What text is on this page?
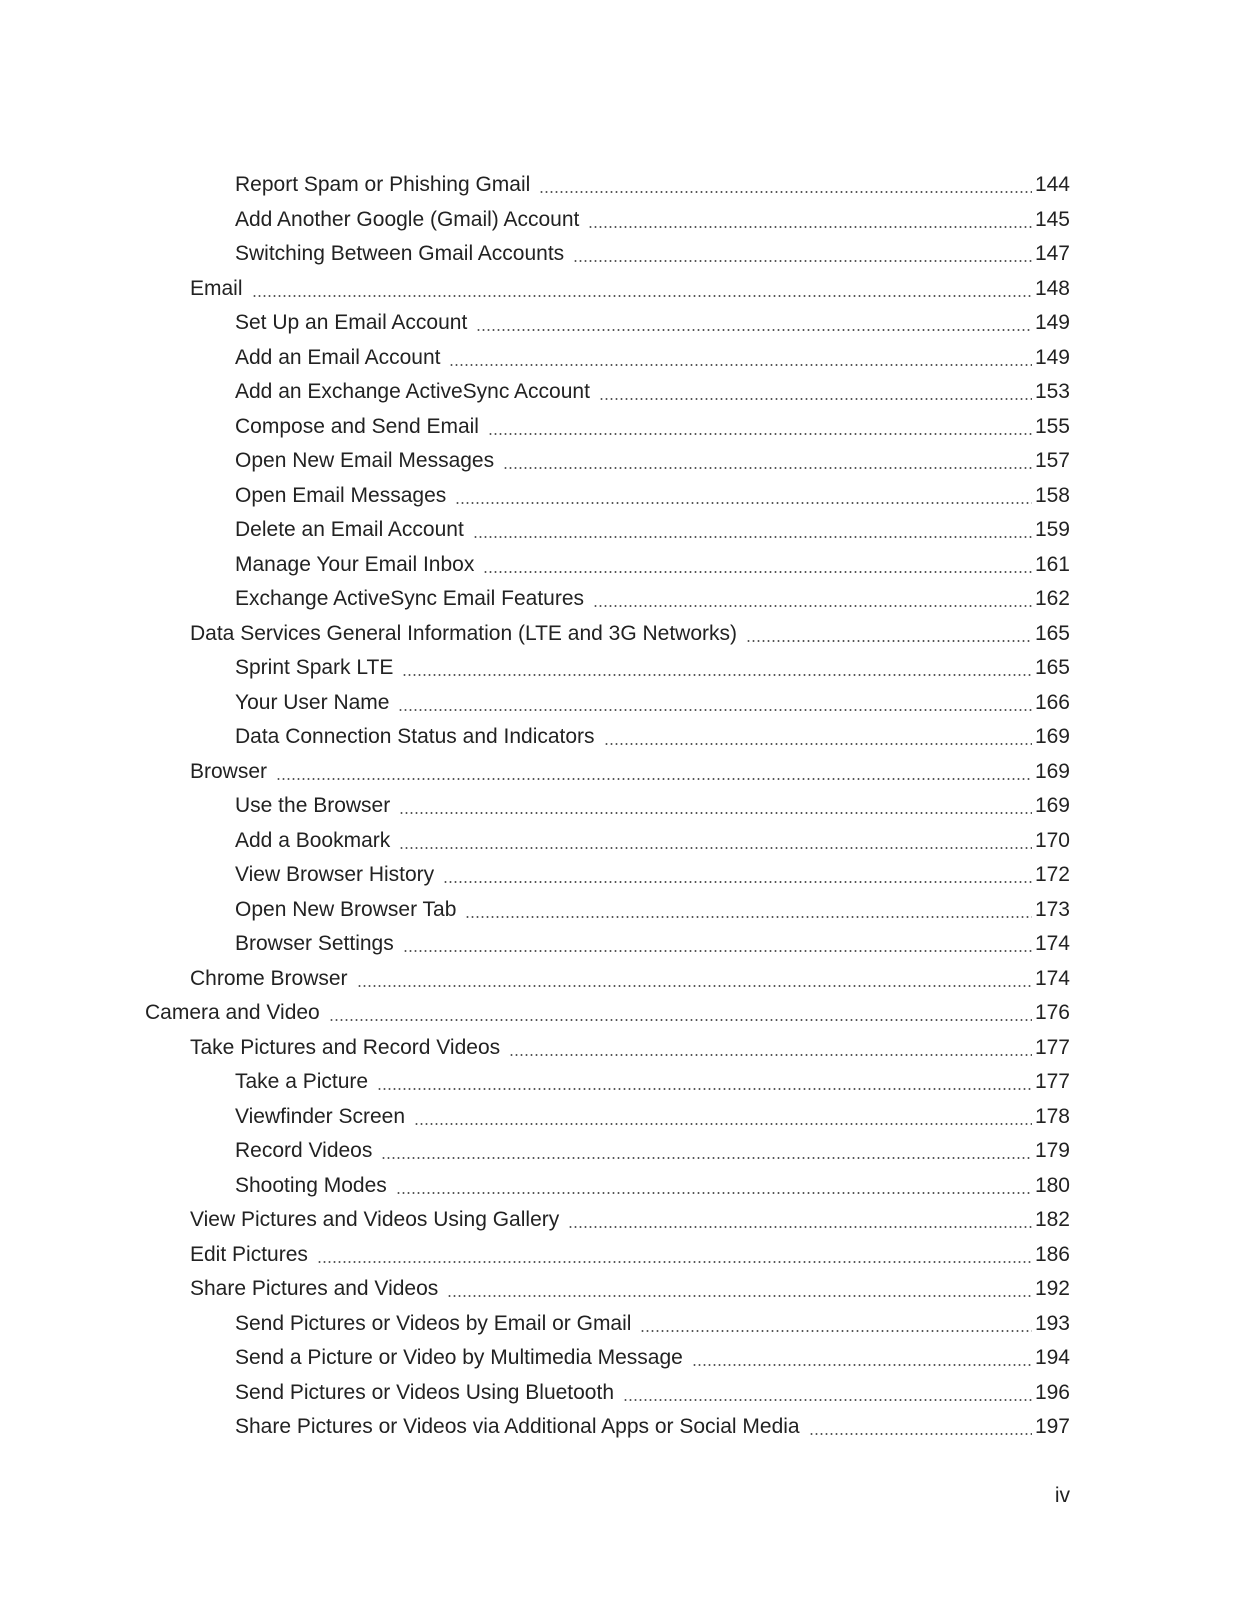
Report Spam or Phishing Gmail	144
Add Another Google (Gmail) Account	145
Switching Between Gmail Accounts	147
Email	148
Set Up an Email Account	149
Add an Email Account	149
Add an Exchange ActiveSync Account	153
Compose and Send Email	155
Open New Email Messages	157
Open Email Messages	158
Delete an Email Account	159
Manage Your Email Inbox	161
Exchange ActiveSync Email Features	162
Data Services General Information (LTE and 3G Networks)	165
Sprint Spark LTE	165
Your User Name	166
Data Connection Status and Indicators	169
Browser	169
Use the Browser	169
Add a Bookmark	170
View Browser History	172
Open New Browser Tab	173
Browser Settings	174
Chrome Browser	174
Camera and Video	176
Take Pictures and Record Videos	177
Take a Picture	177
Viewfinder Screen	178
Record Videos	179
Shooting Modes	180
View Pictures and Videos Using Gallery	182
Edit Pictures	186
Share Pictures and Videos	192
Send Pictures or Videos by Email or Gmail	193
Send a Picture or Video by Multimedia Message	194
Send Pictures or Videos Using Bluetooth	196
Share Pictures or Videos via Additional Apps or Social Media	197
iv
